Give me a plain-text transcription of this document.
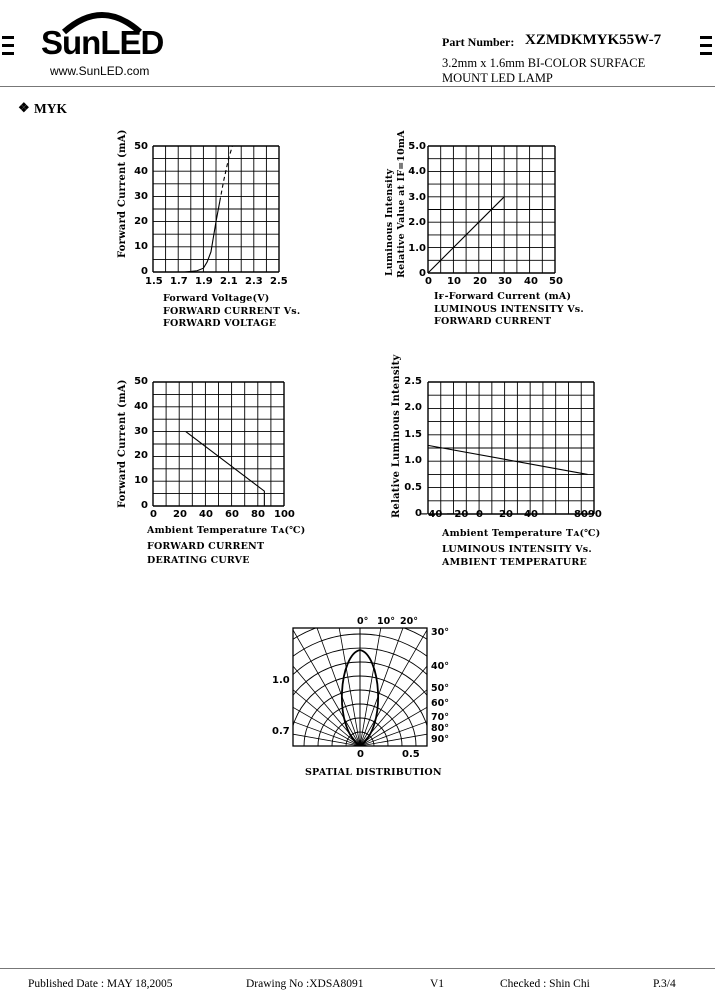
SunLED
www.SunLED.com
Part Number: XZMDKMYK55W-7
3.2mm x 1.6mm BI-COLOR SURFACE
MOUNT LED LAMP
❖ MYK
Forward Current (mA) 50
40
30
20
10
0
1.5 1.7 1.9 2.1 2.3 2.5
Forward Voltage(V)
FORWARD CURRENT Vs.
FORWARD VOLTAGE
Luminous Intensity Relative Value at IF=10mA 5.0
4.0
3.0
2.0
1.0
0
0 10 20 30 40 50
Iғ-Forward Current (mA)
LUMINOUS INTENSITY Vs.
FORWARD CURRENT
Forward Current (mA) 50
40
30
20
10
0
0 20 40 60 80 100
Ambient Temperature Tᴀ(℃)
FORWARD CURRENT
DERATING CURVE
Relative Luminous Intensity 2.5
2.0
1.5
1.0
0.5
0
−40 −20 0 20 40	8090
Ambient Temperature Tᴀ(℃)
LUMINOUS INTENSITY Vs.
AMBIENT TEMPERATURE
0° 10° 20°
30°
40°
50°
60°
70°
80°
90°
1.0
0.7
0	0.5
SPATIAL DISTRIBUTION
Published Date : MAY 18,2005	Drawing No :XDSA8091	V1	Checked : Shin Chi	P.3/4
